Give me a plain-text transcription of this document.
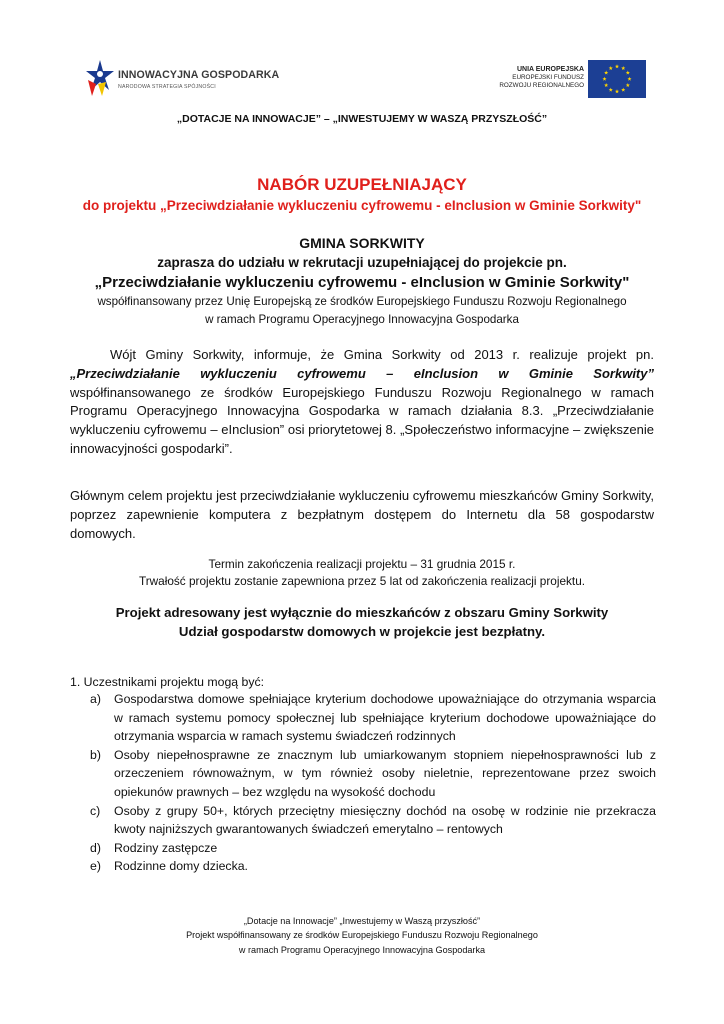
INNOWACYJNA GOSPODARKA
NARODOWA STRATEGIA SPÓJNOŚCI
UNIA EUROPEJSKA
EUROPEJSKI FUNDUSZ
ROZWOJU REGIONALNEGO
„DOTACJE NA INNOWACJE” – „INWESTUJEMY W WASZĄ PRZYSZŁOŚĆ”
NABÓR UZUPEŁNIAJĄCY
do projektu „Przeciwdziałanie wykluczeniu cyfrowemu - eInclusion w Gminie Sorkwity"
GMINA SORKWITY
zaprasza do udziału w rekrutacji uzupełniającej do projekcie pn.
„Przeciwdziałanie wykluczeniu cyfrowemu - eInclusion w Gminie Sorkwity"
współfinansowany przez Unię Europejską ze środków Europejskiego Funduszu Rozwoju Regionalnego
w ramach Programu Operacyjnego Innowacyjna Gospodarka
Wójt Gminy Sorkwity, informuje, że Gmina Sorkwity od 2013 r. realizuje projekt pn. „Przeciwdziałanie wykluczeniu cyfrowemu – eInclusion w Gminie Sorkwity” współfinansowanego ze środków Europejskiego Funduszu Rozwoju Regionalnego w ramach Programu Operacyjnego Innowacyjna Gospodarka w ramach działania 8.3. „Przeciwdziałanie wykluczeniu cyfrowemu – eInclusion” osi priorytetowej 8. „Społeczeństwo informacyjne – zwiększenie innowacyjności gospodarki”.
Głównym celem projektu jest przeciwdziałanie wykluczeniu cyfrowemu mieszkańców Gminy Sorkwity, poprzez zapewnienie komputera z bezpłatnym dostępem do Internetu dla 58 gospodarstw domowych.
Termin zakończenia realizacji projektu – 31 grudnia 2015 r.
Trwałość projektu zostanie zapewniona przez 5 lat od zakończenia realizacji projektu.
Projekt adresowany jest wyłącznie do mieszkańców z obszaru Gminy Sorkwity
Udział gospodarstw domowych w projekcie jest bezpłatny.
1. Uczestnikami projektu mogą być:
a) Gospodarstwa domowe spełniające kryterium dochodowe upoważniające do otrzymania wsparcia w ramach systemu pomocy społecznej lub spełniające kryterium dochodowe upoważniające do otrzymania wsparcia w ramach systemu świadczeń rodzinnych
b) Osoby niepełnosprawne ze znacznym lub umiarkowanym stopniem niepełnosprawności lub z orzeczeniem równoważnym, w tym również osoby nieletnie, reprezentowane przez swoich opiekunów prawnych – bez względu na wysokość dochodu
c) Osoby z grupy 50+, których przeciętny miesięczny dochód na osobę w rodzinie nie przekracza kwoty najniższych gwarantowanych świadczeń emerytalno – rentowych
d) Rodziny zastępcze
e) Rodzinne domy dziecka.
„Dotacje na Innowacje” „Inwestujemy w Waszą przyszłość”
Projekt współfinansowany ze środków Europejskiego Funduszu Rozwoju Regionalnego
w ramach Programu Operacyjnego Innowacyjna Gospodarka
